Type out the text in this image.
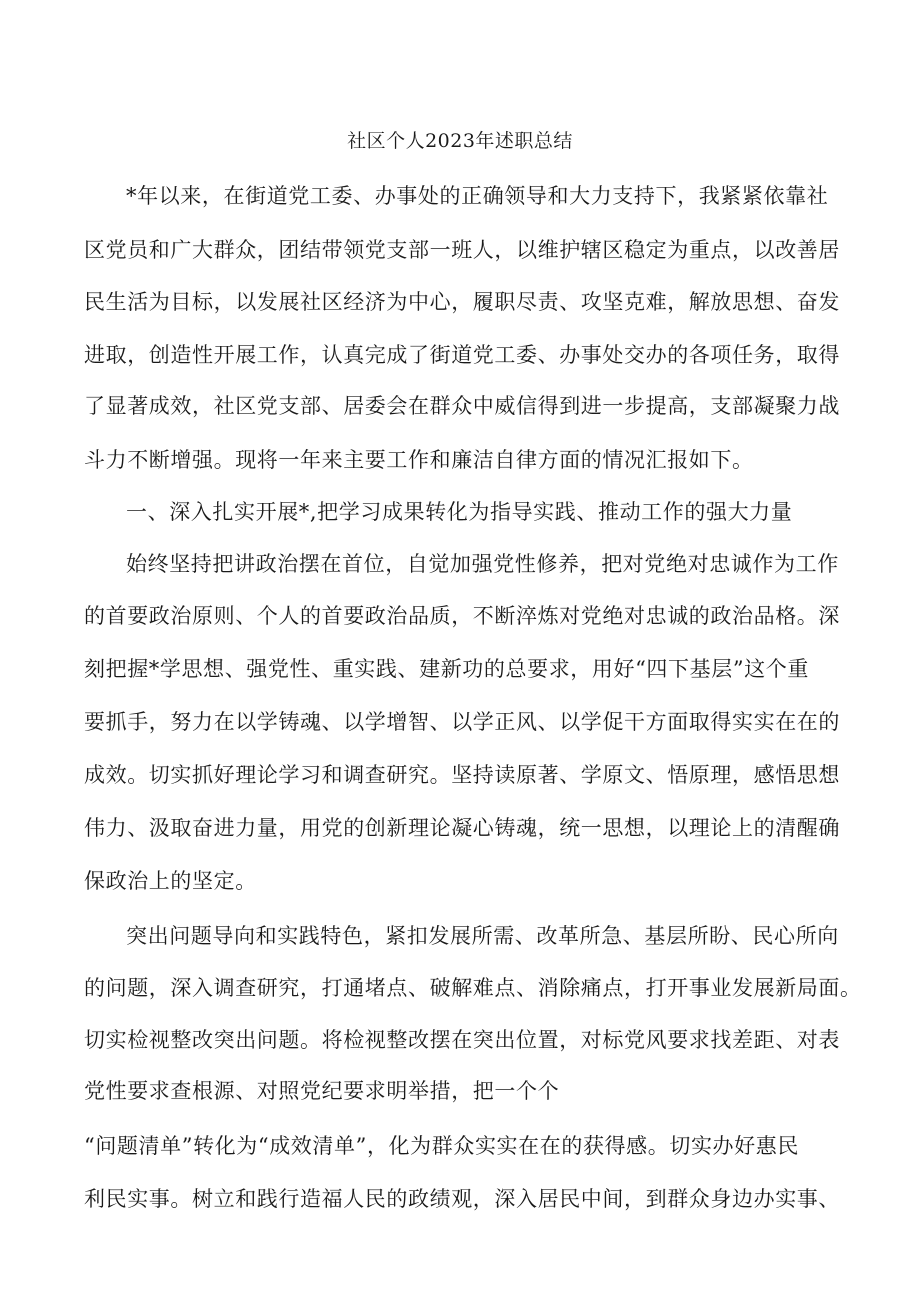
社区个人2023年述职总结
*年以来，在街道党工委、办事处的正确领导和大力支持下，我紧紧依靠社
区党员和广大群众，团结带领党支部一班人，以维护辖区稳定为重点，以改善居
民生活为目标，以发展社区经济为中心，履职尽责、攻坚克难，解放思想、奋发
进取，创造性开展工作，认真完成了街道党工委、办事处交办的各项任务，取得
了显著成效，社区党支部、居委会在群众中威信得到进一步提高，支部凝聚力战
斗力不断增强。现将一年来主要工作和廉洁自律方面的情况汇报如下。
一、深入扎实开展*,把学习成果转化为指导实践、推动工作的强大力量
始终坚持把讲政治摆在首位，自觉加强党性修养，把对党绝对忠诚作为工作
的首要政治原则、个人的首要政治品质，不断淬炼对党绝对忠诚的政治品格。深
刻把握*学思想、强党性、重实践、建新功的总要求，用好“四下基层”这个重
要抓手，努力在以学铸魂、以学增智、以学正风、以学促干方面取得实实在在的
成效。切实抓好理论学习和调查研究。坚持读原著、学原文、悟原理，感悟思想
伟力、汲取奋进力量，用党的创新理论凝心铸魂，统一思想，以理论上的清醒确
保政治上的坚定。
突出问题导向和实践特色，紧扣发展所需、改革所急、基层所盼、民心所向
的问题，深入调查研究，打通堵点、破解难点、消除痛点，打开事业发展新局面。
切实检视整改突出问题。将检视整改摆在突出位置，对标党风要求找差距、对表
党性要求查根源、对照党纪要求明举措，把一个个
“问题清单”转化为“成效清单”，化为群众实实在在的获得感。切实办好惠民
利民实事。树立和践行造福人民的政绩观，深入居民中间，到群众身边办实事、
